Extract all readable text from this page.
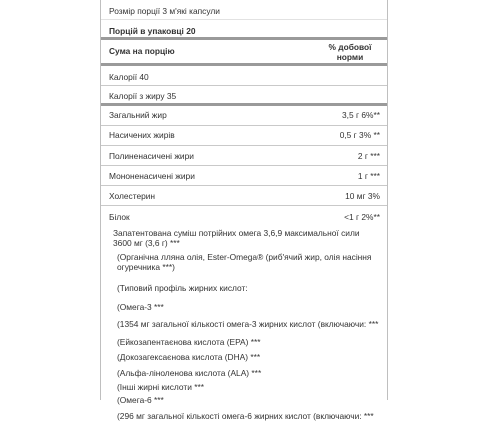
Розмір порції 3 м'які капсули
Порцій в упаковці 20
Сума на порцію	% добової норми
Калорії 40
Калорії з жиру 35
Загальний жир	3,5 г 6%**
Насичених жирів	0,5 г 3% **
Полиненасичені жири	2 г ***
Мононенасичені жири	1 г ***
Холестерин	10 мг 3%
Білок	<1 г 2%**
Запатентована суміш потрійних омега 3,6,9 максимальної сили 3600 мг (3,6 г) ***
(Органічна лляна олія, Ester-Omega® (риб'ячий жир, олія насіння огуречника ***)
(Типовий профіль жирних кислот:
(Омега-3 ***
(1354 мг загальної кількості омега-3 жирних кислот (включаючи: ***
(Ейкозапентаєнова кислота (EPA) ***
(Докозагексаєнова кислота (DHA) ***
(Альфа-ліноленова кислота (ALA) ***
(Інші жирні кислоти ***
(Омега-6 ***
(296 мг загальної кількості омега-6 жирних кислот (включаючи: ***
